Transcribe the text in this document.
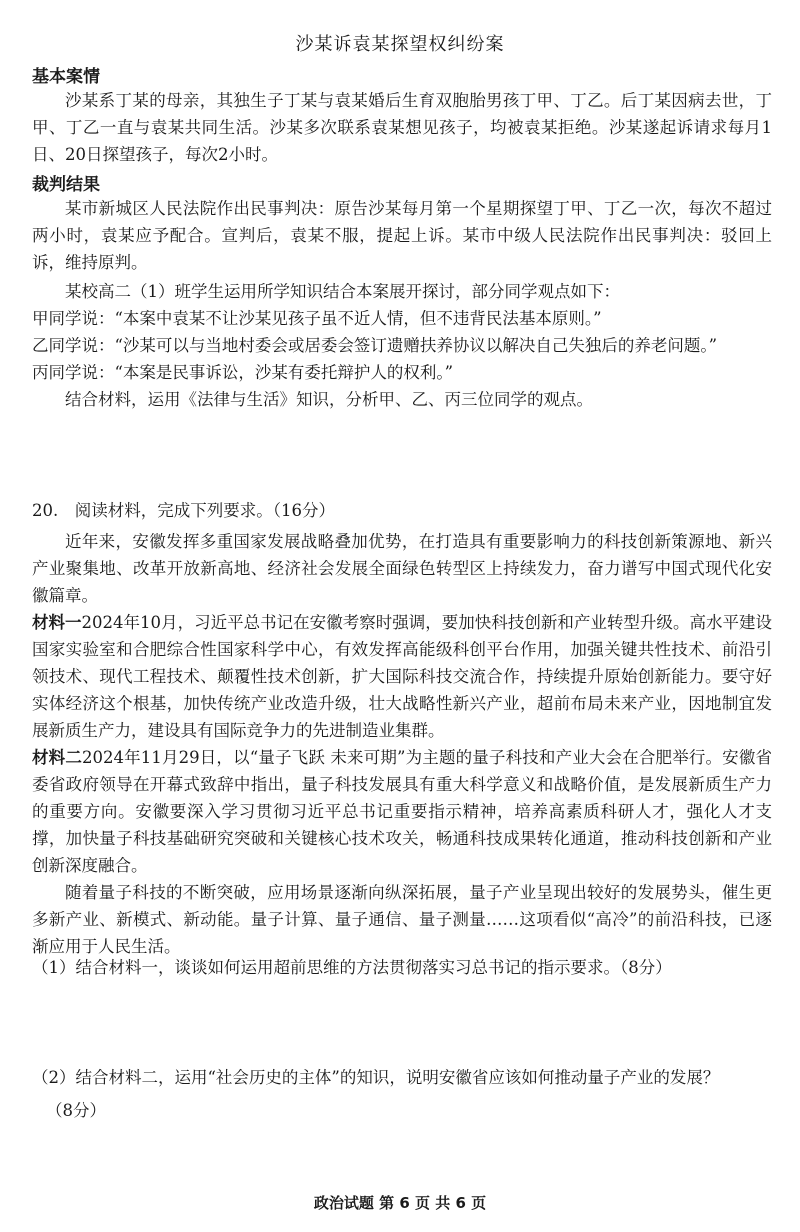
沙某诉袁某探望权纠纷案
基本案情

沙某系丁某的母亲，其独生子丁某与袁某婚后生育双胞胎男孩丁甲、丁乙。后丁某因病去世，丁甲、丁乙一直与袁某共同生活。沙某多次联系袁某想见孩子，均被袁某拒绝。沙某遂起诉请求每月1日、20日探望孩子，每次2小时。

裁判结果

某市新城区人民法院作出民事判决：原告沙某每月第一个星期探望丁甲、丁乙一次，每次不超过两小时，袁某应予配合。宣判后，袁某不服，提起上诉。某市中级人民法院作出民事判决：驳回上诉，维持原判。

某校高二（1）班学生运用所学知识结合本案展开探讨，部分同学观点如下：

甲同学说：“本案中袁某不让沙某见孩子虽不近人情，但不违背民法基本原则。”

乙同学说：“沙某可以与当地村委会或居委会签订遗赠扶养协议以解决自己失独后的养老问题。”

丙同学说：“本案是民事诉讼，沙某有委托辩护人的权利。”

结合材料，运用《法律与生活》知识，分析甲、乙、丙三位同学的观点。

20.　阅读材料，完成下列要求。（16分）

近年来，安徽发挥多重国家发展战略叠加优势，在打造具有重要影响力的科技创新策源地、新兴产业聚集地、改革开放新高地、经济社会发展全面绿色转型区上持续发力，奋力谱写中国式现代化安徽篇章。

材料一2024年10月，习近平总书记在安徽考察时强调，要加快科技创新和产业转型升级。高水平建设国家实验室和合肥综合性国家科学中心，有效发挥高能级科创平台作用，加强关键共性技术、前沿引领技术、现代工程技术、颠覆性技术创新，扩大国际科技交流合作，持续提升原始创新能力。要守好实体经济这个根基，加快传统产业改造升级，壮大战略性新兴产业，超前布局未来产业，因地制宜发展新质生产力，建设具有国际竞争力的先进制造业集群。

材料二2024年11月29日，以“量子飞跃 未来可期”为主题的量子科技和产业大会在合肥举行。安徽省委省政府领导在开幕式致辞中指出，量子科技发展具有重大科学意义和战略价值，是发展新质生产力的重要方向。安徽要深入学习贯彻习近平总书记重要指示精神，培养高素质科研人才，强化人才支撑，加快量子科技基础研究突破和关键核心技术攻关，畅通科技成果转化通道，推动科技创新和产业创新深度融合。

随着量子科技的不断突破，应用场景逐渐向纵深拓展，量子产业呈现出较好的发展势头，催生更多新产业、新模式、新动能。量子计算、量子通信、量子测量……这项看似“高冷”的前沿科技，已逐渐应用于人民生活。

（1）结合材料一，谈谈如何运用超前思维的方法贯彻落实习总书记的指示要求。（8分）

（2）结合材料二，运用“社会历史的主体”的知识，说明安徽省应该如何推动量子产业的发展？

（8分）

政治试题 第 6 页 共 6 页
